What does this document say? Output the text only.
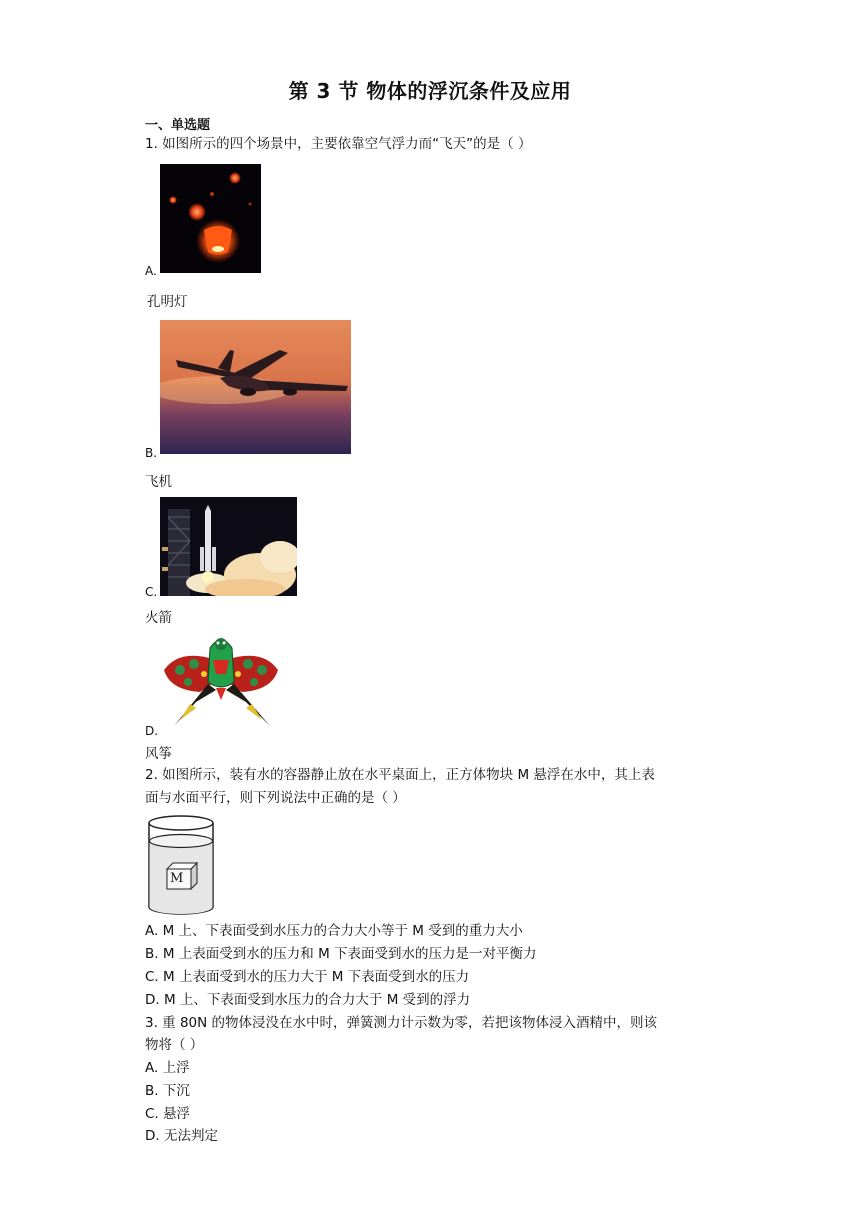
第 3 节 物体的浮沉条件及应用
一、单选题
1. 如图所示的四个场景中，主要依靠空气浮力而“飞天”的是（ ）
A.
孔明灯
B.
飞机
C.
火箭
D.
风筝
2. 如图所示，装有水的容器静止放在水平桌面上，正方体物块 M 悬浮在水中，其上表
面与水面平行，则下列说法中正确的是（ ）
M
A. M 上、下表面受到水压力的合力大小等于 M 受到的重力大小
B. M 上表面受到水的压力和 M 下表面受到水的压力是一对平衡力
C. M 上表面受到水的压力大于 M 下表面受到水的压力
D. M 上、下表面受到水压力的合力大于 M 受到的浮力
3. 重 80N 的物体浸没在水中时，弹簧测力计示数为零，若把该物体浸入酒精中，则该
物将（ ）
A. 上浮
B. 下沉
C. 悬浮
D. 无法判定
